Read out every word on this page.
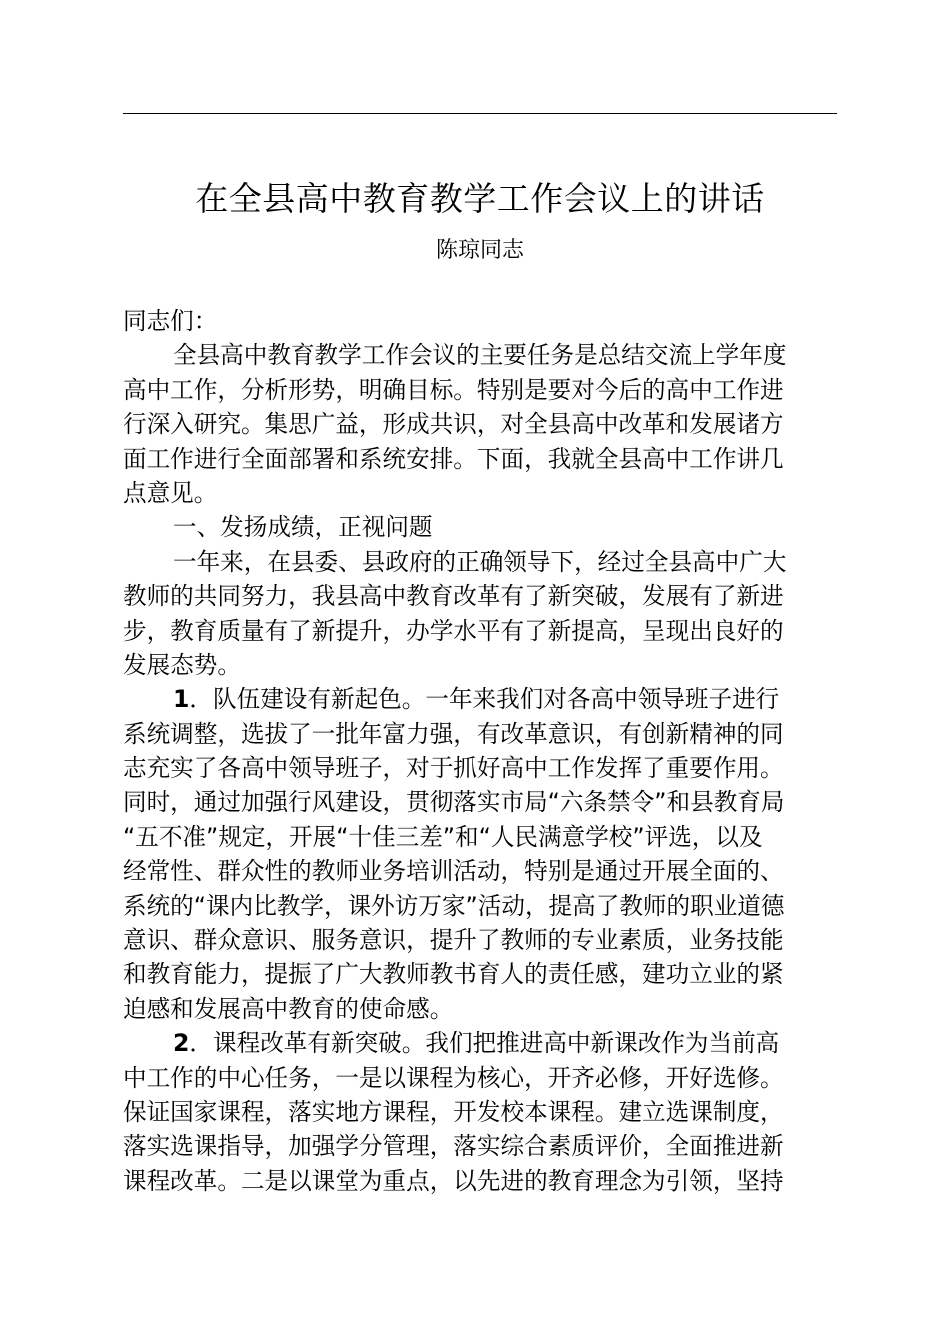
在全县高中教育教学工作会议上的讲话
陈琼同志
同志们：
全县高中教育教学工作会议的主要任务是总结交流上学年度
高中工作，分析形势，明确目标。特别是要对今后的高中工作进
行深入研究。集思广益，形成共识，对全县高中改革和发展诸方
面工作进行全面部署和系统安排。下面，我就全县高中工作讲几
点意见。
一、发扬成绩，正视问题
一年来，在县委、县政府的正确领导下，经过全县高中广大
教师的共同努力，我县高中教育改革有了新突破，发展有了新进
步，教育质量有了新提升，办学水平有了新提高，呈现出良好的
发展态势。
1．队伍建设有新起色。一年来我们对各高中领导班子进行
系统调整，选拔了一批年富力强，有改革意识，有创新精神的同
志充实了各高中领导班子，对于抓好高中工作发挥了重要作用。
同时，通过加强行风建设，贯彻落实市局“六条禁令”和县教育局
“五不准”规定，开展“十佳三差”和“人民满意学校”评选，以及
经常性、群众性的教师业务培训活动，特别是通过开展全面的、
系统的“课内比教学，课外访万家”活动，提高了教师的职业道德
意识、群众意识、服务意识，提升了教师的专业素质，业务技能
和教育能力，提振了广大教师教书育人的责任感，建功立业的紧
迫感和发展高中教育的使命感。
2．课程改革有新突破。我们把推进高中新课改作为当前高
中工作的中心任务，一是以课程为核心，开齐必修，开好选修。
保证国家课程，落实地方课程，开发校本课程。建立选课制度，
落实选课指导，加强学分管理，落实综合素质评价，全面推进新
课程改革。二是以课堂为重点，以先进的教育理念为引领，坚持
